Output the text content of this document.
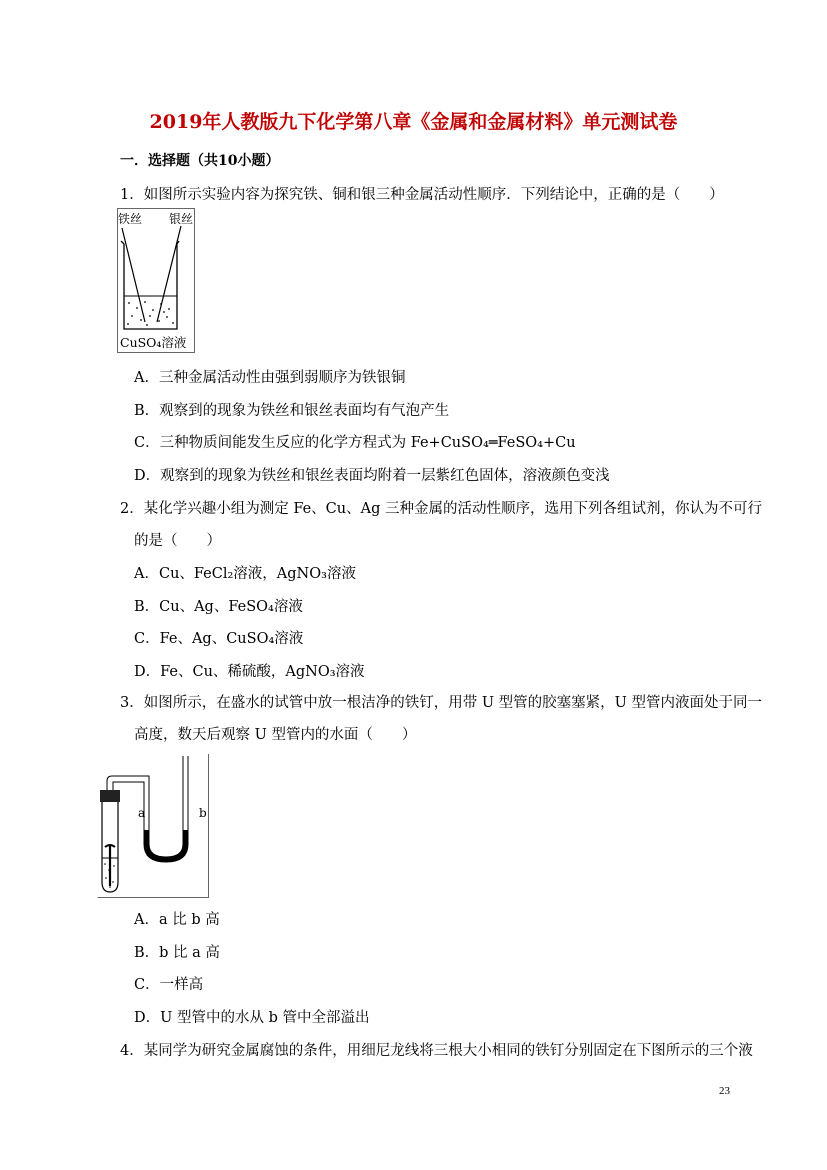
2019年人教版九下化学第八章《金属和金属材料》单元测试卷
一．选择题（共10小题）
1．如图所示实验内容为探究铁、铜和银三种金属活动性顺序．下列结论中，正确的是（　　）
铁丝 银丝
CuSO₄溶液
A．三种金属活动性由强到弱顺序为铁银铜
B．观察到的现象为铁丝和银丝表面均有气泡产生
C．三种物质间能发生反应的化学方程式为 Fe+CuSO₄═FeSO₄+Cu
D．观察到的现象为铁丝和银丝表面均附着一层紫红色固体，溶液颜色变浅
2．某化学兴趣小组为测定 Fe、Cu、Ag 三种金属的活动性顺序，选用下列各组试剂，你认为不可行
的是（　　）
A．Cu、FeCl₂溶液，AgNO₃溶液
B．Cu、Ag、FeSO₄溶液
C．Fe、Ag、CuSO₄溶液
D．Fe、Cu、稀硫酸，AgNO₃溶液
3．如图所示，在盛水的试管中放一根洁净的铁钉，用带 U 型管的胶塞塞紧，U 型管内液面处于同一
高度，数天后观察 U 型管内的水面（　　）
a	b
A．a 比 b 高
B．b 比 a 高
C．一样高
D．U 型管中的水从 b 管中全部溢出
4．某同学为研究金属腐蚀的条件，用细尼龙线将三根大小相同的铁钉分别固定在下图所示的三个液
23
